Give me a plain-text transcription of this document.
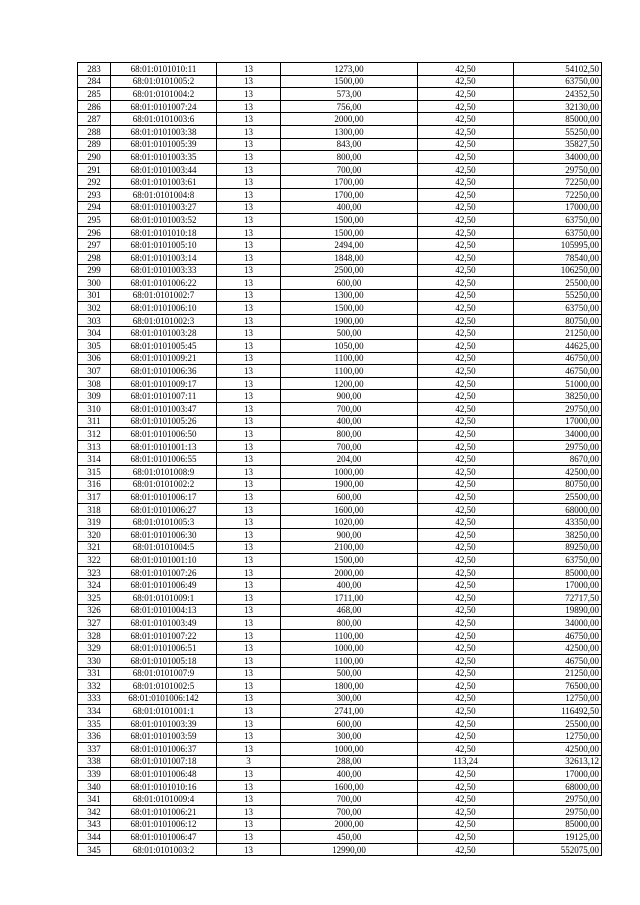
283	68:01:0101010:11	13	1273,00	42,50	54102,50
284	68:01:0101005:2	13	1500,00	42,50	63750,00
285	68:01:0101004:2	13	573,00	42,50	24352,50
286	68:01:0101007:24	13	756,00	42,50	32130,00
287	68:01:0101003:6	13	2000,00	42,50	85000,00
288	68:01:0101003:38	13	1300,00	42,50	55250,00
289	68:01:0101005:39	13	843,00	42,50	35827,50
290	68:01:0101003:35	13	800,00	42,50	34000,00
291	68:01:0101003:44	13	700,00	42,50	29750,00
292	68:01:0101003:61	13	1700,00	42,50	72250,00
293	68:01:0101004:8	13	1700,00	42,50	72250,00
294	68:01:0101003:27	13	400,00	42,50	17000,00
295	68:01:0101003:52	13	1500,00	42,50	63750,00
296	68:01:0101010:18	13	1500,00	42,50	63750,00
297	68:01:0101005:10	13	2494,00	42,50	105995,00
298	68:01:0101003:14	13	1848,00	42,50	78540,00
299	68:01:0101003:33	13	2500,00	42,50	106250,00
300	68:01:0101006:22	13	600,00	42,50	25500,00
301	68:01:0101002:7	13	1300,00	42,50	55250,00
302	68:01:0101006:10	13	1500,00	42,50	63750,00
303	68:01:0101002:3	13	1900,00	42,50	80750,00
304	68:01:0101003:28	13	500,00	42,50	21250,00
305	68:01:0101005:45	13	1050,00	42,50	44625,00
306	68:01:0101009:21	13	1100,00	42,50	46750,00
307	68:01:0101006:36	13	1100,00	42,50	46750,00
308	68:01:0101009:17	13	1200,00	42,50	51000,00
309	68:01:0101007:11	13	900,00	42,50	38250,00
310	68:01:0101003:47	13	700,00	42,50	29750,00
311	68:01:0101005:26	13	400,00	42,50	17000,00
312	68:01:0101006:50	13	800,00	42,50	34000,00
313	68:01:0101001:13	13	700,00	42,50	29750,00
314	68:01:0101006:55	13	204,00	42,50	8670,00
315	68:01:0101008:9	13	1000,00	42,50	42500,00
316	68:01:0101002:2	13	1900,00	42,50	80750,00
317	68:01:0101006:17	13	600,00	42,50	25500,00
318	68:01:0101006:27	13	1600,00	42,50	68000,00
319	68:01:0101005:3	13	1020,00	42,50	43350,00
320	68:01:0101006:30	13	900,00	42,50	38250,00
321	68:01:0101004:5	13	2100,00	42,50	89250,00
322	68:01:0101001:10	13	1500,00	42,50	63750,00
323	68:01:0101007:26	13	2000,00	42,50	85000,00
324	68:01:0101006:49	13	400,00	42,50	17000,00
325	68:01:0101009:1	13	1711,00	42,50	72717,50
326	68:01:0101004:13	13	468,00	42,50	19890,00
327	68:01:0101003:49	13	800,00	42,50	34000,00
328	68:01:0101007:22	13	1100,00	42,50	46750,00
329	68:01:0101006:51	13	1000,00	42,50	42500,00
330	68:01:0101005:18	13	1100,00	42,50	46750,00
331	68:01:0101007:9	13	500,00	42,50	21250,00
332	68:01:0101002:5	13	1800,00	42,50	76500,00
333	68:01:0101006:142	13	300,00	42,50	12750,00
334	68:01:0101001:1	13	2741,00	42,50	116492,50
335	68:01:0101003:39	13	600,00	42,50	25500,00
336	68:01:0101003:59	13	300,00	42,50	12750,00
337	68:01:0101006:37	13	1000,00	42,50	42500,00
338	68:01:0101007:18	3	288,00	113,24	32613,12
339	68:01:0101006:48	13	400,00	42,50	17000,00
340	68:01:0101010:16	13	1600,00	42,50	68000,00
341	68:01:0101009:4	13	700,00	42,50	29750,00
342	68:01:0101006:21	13	700,00	42,50	29750,00
343	68:01:0101006:12	13	2000,00	42,50	85000,00
344	68:01:0101006:47	13	450,00	42,50	19125,00
345	68:01:0101003:2	13	12990,00	42,50	552075,00
